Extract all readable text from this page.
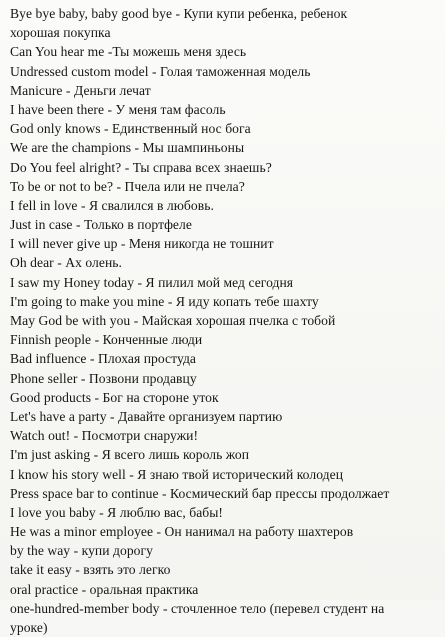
Bye bye baby, baby good bye - Купи купи ребенка, ребенок
хорошая покупка
Can You hear me -Ты можешь меня здесь
Undressed custom model - Голая таможенная модель
Manicure - Деньги лечат
I have been there - У меня там фасоль
God only knows - Единственный нос бога
We are the champions - Мы шампиньоны
Do You feel alright? - Ты справа всех знаешь?
To be or not to be? - Пчела или не пчела?
I fell in love - Я свалился в любовь.
Just in case - Только в портфеле
I will never give up - Меня никогда не тошнит
Oh dear - Ах олень.
I saw my Honey today - Я пилил мой мед сегодня
I'm going to make you mine - Я иду копать тебе шахту
May God be with you - Майская хорошая пчелка с тобой
Finnish people - Конченные люди
Bad influence - Плохая простуда
Phone seller - Позвони продавцу
Good products - Бог на стороне уток
Let's have a party - Давайте организуем партию
Watch out! - Посмотри снаружи!
I'm just asking - Я всего лишь король жоп
I know his story well - Я знаю твой исторический колодец
Press space bar to continue - Космический бар прессы продолжает
I love you baby - Я люблю вас, бабы!
He was a minor employee - Он нанимал на работу шахтеров
by the way - купи дорогу
take it easy - взять это легко
oral practice - оральная практика
one-hundred-member body - сточленное тело (перевел студент на
уроке)
